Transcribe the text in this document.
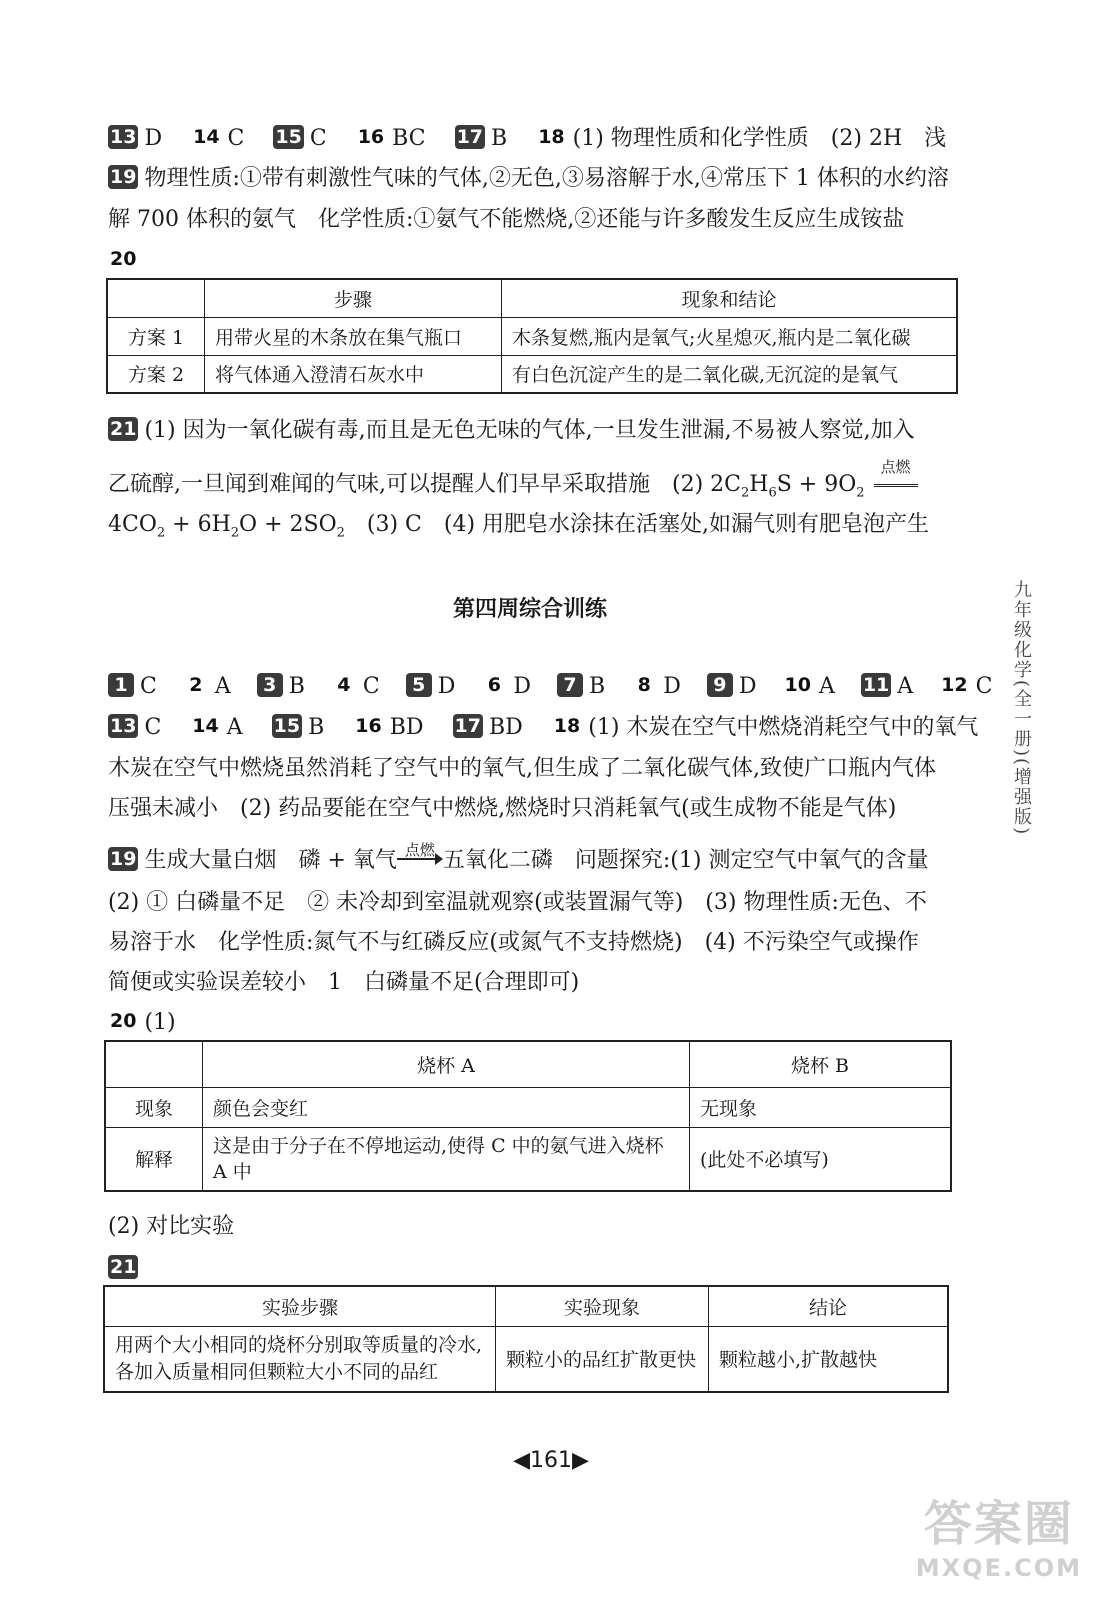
13 D 14 C 15 C 16 BC 17 B 18 (1) 物理性质和化学性质　(2) 2H　浅
19 物理性质:①带有刺激性气味的气体,②无色,③易溶解于水,④常压下 1 体积的水约溶
解 700 体积的氨气　化学性质:①氨气不能燃烧,②还能与许多酸发生反应生成铵盐
20
	步骤	现象和结论
方案 1	用带火星的木条放在集气瓶口	木条复燃,瓶内是氧气;火星熄灭,瓶内是二氧化碳
方案 2	将气体通入澄清石灰水中	有白色沉淀产生的是二氧化碳,无沉淀的是氧气
21 (1) 因为一氧化碳有毒,而且是无色无味的气体,一旦发生泄漏,不易被人察觉,加入
乙硫醇,一旦闻到难闻的气味,可以提醒人们早早采取措施　(2) $2C_2H_6S + 9O_2$
点燃
$4CO_2 + 6H_2O + 2SO_2$　(3) C　(4) 用肥皂水涂抹在活塞处,如漏气则有肥皂泡产生
第四周综合训练
1 C 2 A 3 B 4 C 5 D 6 D 7 B 8 D 9 D 10 A 11 A 12 C
13 C 14 A 15 B 16 BD 17 BD 18 (1) 木炭在空气中燃烧消耗空气中的氧气
木炭在空气中燃烧虽然消耗了空气中的氧气,但生成了二氧化碳气体,致使广口瓶内气体
压强未减小　(2) 药品要能在空气中燃烧,燃烧时只消耗氧气(或生成物不能是气体)
19 生成大量白烟　磷 + 氧气 点燃 五氧化二磷　问题探究:(1) 测定空气中氧气的含量
(2) ① 白磷量不足　② 未冷却到室温就观察(或装置漏气等)　(3) 物理性质:无色、不
易溶于水　化学性质:氮气不与红磷反应(或氮气不支持燃烧)　(4) 不污染空气或操作
简便或实验误差较小　1　白磷量不足(合理即可)
20 (1)
	烧杯 A	烧杯 B
现象	颜色会变红	无现象
解释	这是由于分子在不停地运动,使得 C 中的氨气进入烧杯 A 中	(此处不必填写)
(2) 对比实验
21
实验步骤	实验现象	结论
用两个大小相同的烧杯分别取等质量的冷水,各加入质量相同但颗粒大小不同的品红	颗粒小的品红扩散更快	颗粒越小,扩散越快
◀161▶
九年级化学(全一册)(增强版)
答案圈
MXQE.COM
